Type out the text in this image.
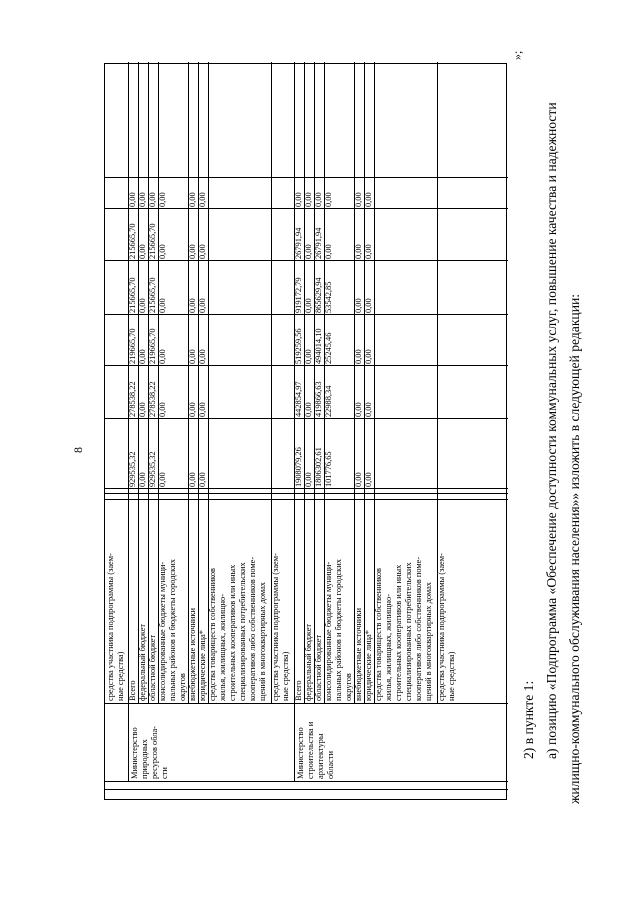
8
средства участника подпрограммы (заем- ные средства)
Министерство природных ресурсов обла- сти
Всего
929535,32
278538,22
219665,70
215665,70
215665,70
0,00
федеральный бюджет
0,00
0,00
0,00
0,00
0,00
0,00
областной бюджет
929535,32
278538,22
219665,70
215665,70
215665,70
0,00
консолидированные бюджеты муници- пальных районов и бюджеты городских округов
0,00
0,00
0,00
0,00
0,00
0,00
внебюджетные источники
0,00
0,00
0,00
0,00
0,00
0,00
юридические лица*
0,00
0,00
0,00
0,00
0,00
0,00
средства товариществ собственников жилья, жилищных, жилищно- строительных кооперативов или иных специализированных потребительских кооперативов либо собственников поме- щений в многоквартирных домах средства участника подпрограммы (заем- ные средства)
Министерство строительства и архитектуры области
Всего
1908079,26
442854,97
519259,56
919172,79
26791,94
0,00
федеральный бюджет
0,00
0,00
0,00
0,00
0,00
0,00
областной бюджет
1806302,61
419866,63
494014,10
865629,94
26791,94
0,00
консолидированные бюджеты муници- пальных районов и бюджеты городских округов
101776,65
22988,34
25245,46
53542,85
0,00
0,00
внебюджетные источники
0,00
0,00
0,00
0,00
0,00
0,00
юридические лица*
0,00
0,00
0,00
0,00
0,00
0,00
средства товариществ собственников жилья, жилищных, жилищно- строительных кооперативов или иных специализированных потребительских кооперативов либо собственников поме- щений в многоквартирных домах средства участника подпрограммы (заем- ные средства)
»;
2) в пункте 1: а) позицию «Подпрограмма «Обеспечение доступности коммунальных услуг, повышение качества и надежности жилищно-коммунального обслуживания населения»» изложить в следующей редакции:
